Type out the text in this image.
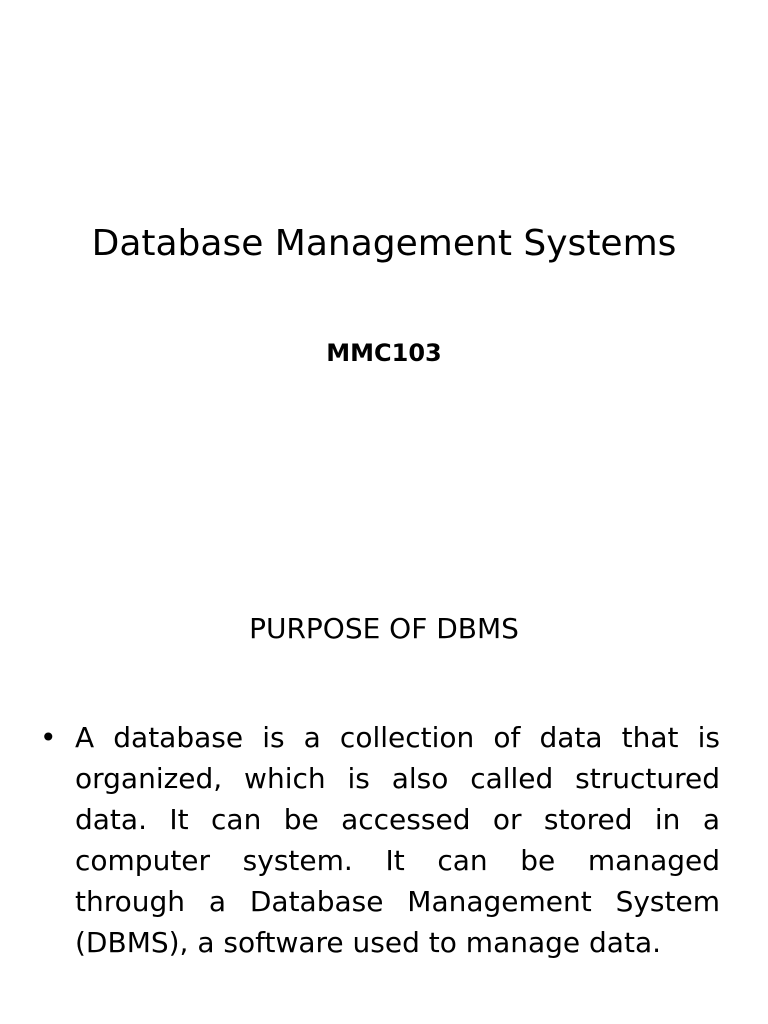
Database Management Systems
MMC103
PURPOSE OF DBMS
• A database is a collection of data that is organized, which is also called structured data. It can be accessed or stored in a computer system. It can be managed through a Database Management System (DBMS), a software used to manage data.
